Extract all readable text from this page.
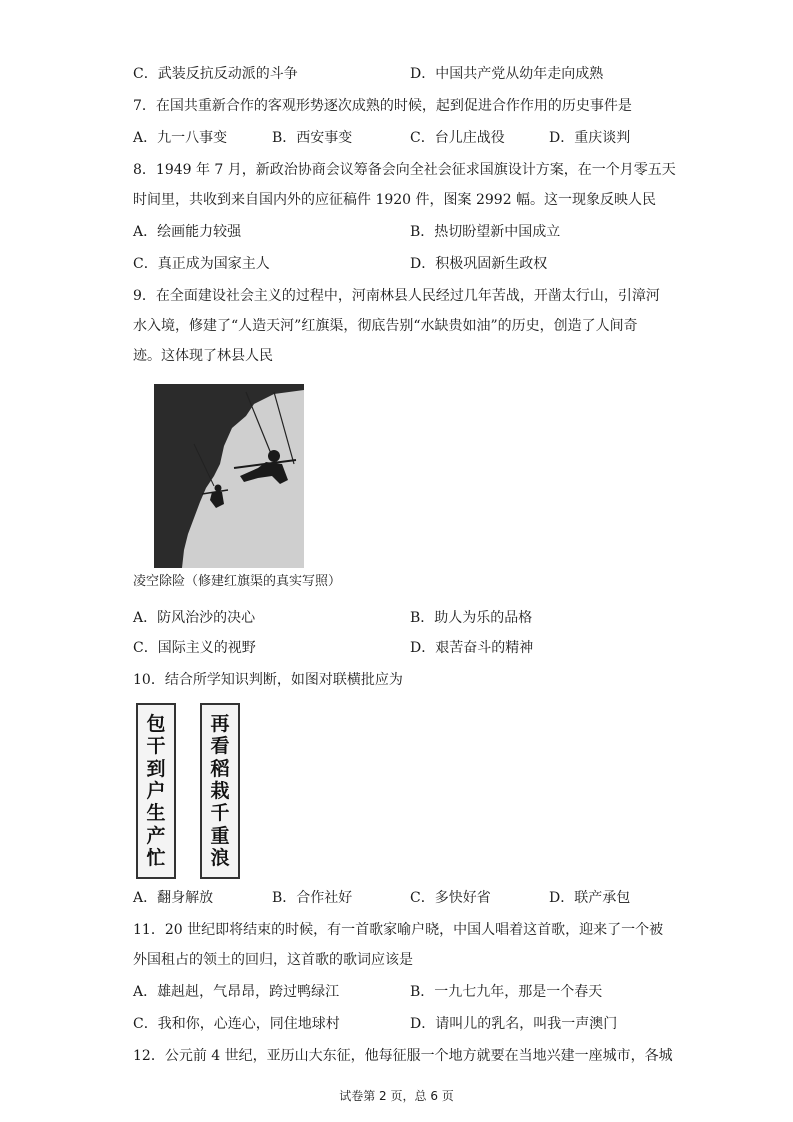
C．武装反抗反动派的斗争	D．中国共产党从幼年走向成熟
7．在国共重新合作的客观形势逐次成熟的时候，起到促进合作作用的历史事件是
A．九一八事变	B．西安事变	C．台儿庄战役	D．重庆谈判
8．1949 年 7 月，新政治协商会议筹备会向全社会征求国旗设计方案，在一个月零五天
时间里，共收到来自国内外的应征稿件 1920 件，图案 2992 幅。这一现象反映人民
A．绘画能力较强	B．热切盼望新中国成立
C．真正成为国家主人	D．积极巩固新生政权
9．在全面建设社会主义的过程中，河南林县人民经过几年苦战，开凿太行山，引漳河
水入境，修建了“人造天河”红旗渠，彻底告别“水缺贵如油”的历史，创造了人间奇
迹。这体现了林县人民
凌空除险（修建红旗渠的真实写照）
A．防风治沙的决心	B．助人为乐的品格
C．国际主义的视野	D．艰苦奋斗的精神
10．结合所学知识判断，如图对联横批应为
包
干
到
户
生
产
忙
再
看
稻
栽
千
重
浪
A．翻身解放	B．合作社好	C．多快好省	D．联产承包
11．20 世纪即将结束的时候，有一首歌家喻户晓，中国人唱着这首歌，迎来了一个被
外国租占的领土的回归，这首歌的歌词应该是
A．雄赳赳，气昂昂，跨过鸭绿江	B．一九七九年，那是一个春天
C．我和你，心连心，同住地球村	D．请叫儿的乳名，叫我一声澳门
12．公元前 4 世纪，亚历山大东征，他每征服一个地方就要在当地兴建一座城市，各城
试卷第 2 页，总 6 页
